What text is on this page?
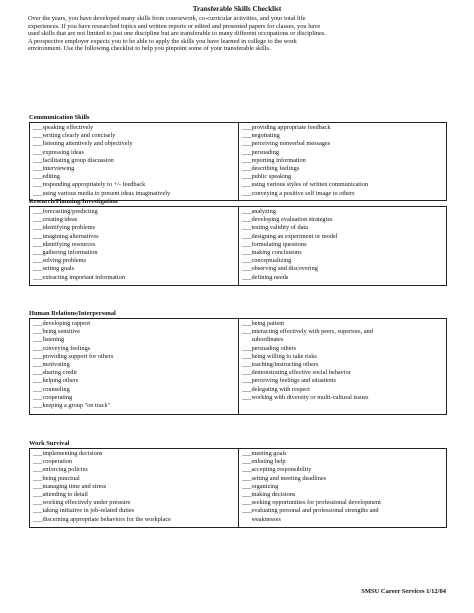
Transferable Skills Checklist
Over the years, you have developed many skills from coursework, co-curricular activities, and your total life
experiences. If you have researched topics and written reports or edited and presented papers for classes, you have
used skills that are not limited to just one discipline but are transferable to many different occupations or disciplines.
A prospective employer expects you to be able to apply the skills you have learned in college to the work
environment. Use the following checklist to help you pinpoint some of your transferable skills.
Communication Skills
___speaking effectively
___writing clearly and concisely
___listening attentively and objectively
___expressing ideas
___facilitating group discussion
___interviewing
___editing
___responding appropriately to +/- feedback
___using various media to present ideas imaginatively
___providing appropriate feedback
___negotiating
___perceiving nonverbal messages
___persuading
___reporting information
___describing feelings
___public speaking
___using various styles of written communication
___conveying a positive self image to others
Research/Planning/Investigation
___forecasting/predicting
___creating ideas
___identifying problems
___imagining alternatives
___identifying resources
___gathering information
___solving problems
___setting goals
___extracting important information
___analyzing
___developing evaluation strategies
___testing validity of data
___designing an experiment or model
___formulating questions
___making conclusions
___conceptualizing
___observing and discovering
___defining needs
Human Relations/Interpersonal
___developing rapport
___being sensitive
___listening
___conveying feelings
___providing support for others
___motivating
___sharing credit
___helping others
___counseling
___cooperating
___keeping a group "on track"
___being patient
___interacting effectively with peers, superiors, and
subordinates
___persuading others
___being willing to take risks
___teaching/instructing others
___demonstrating effective social behavior
___perceiving feelings and situations
___delegating with respect
___working with diversity or multi-cultural issues
Work Survival
___implementing decisions
___cooperation
___enforcing policies
___being punctual
___managing time and stress
___attending to detail
___working effectively under pressure
___taking initiative in job-related duties
___discerning appropriate behaviors for the workplace
___meeting goals
___enlisting help
___accepting responsibility
___setting and meeting deadlines
___organizing
___making decisions
___seeking opportunities for professional development
___evaluating personal and professional strengths and
weaknesses
SMSU Career Services 1/12/04
